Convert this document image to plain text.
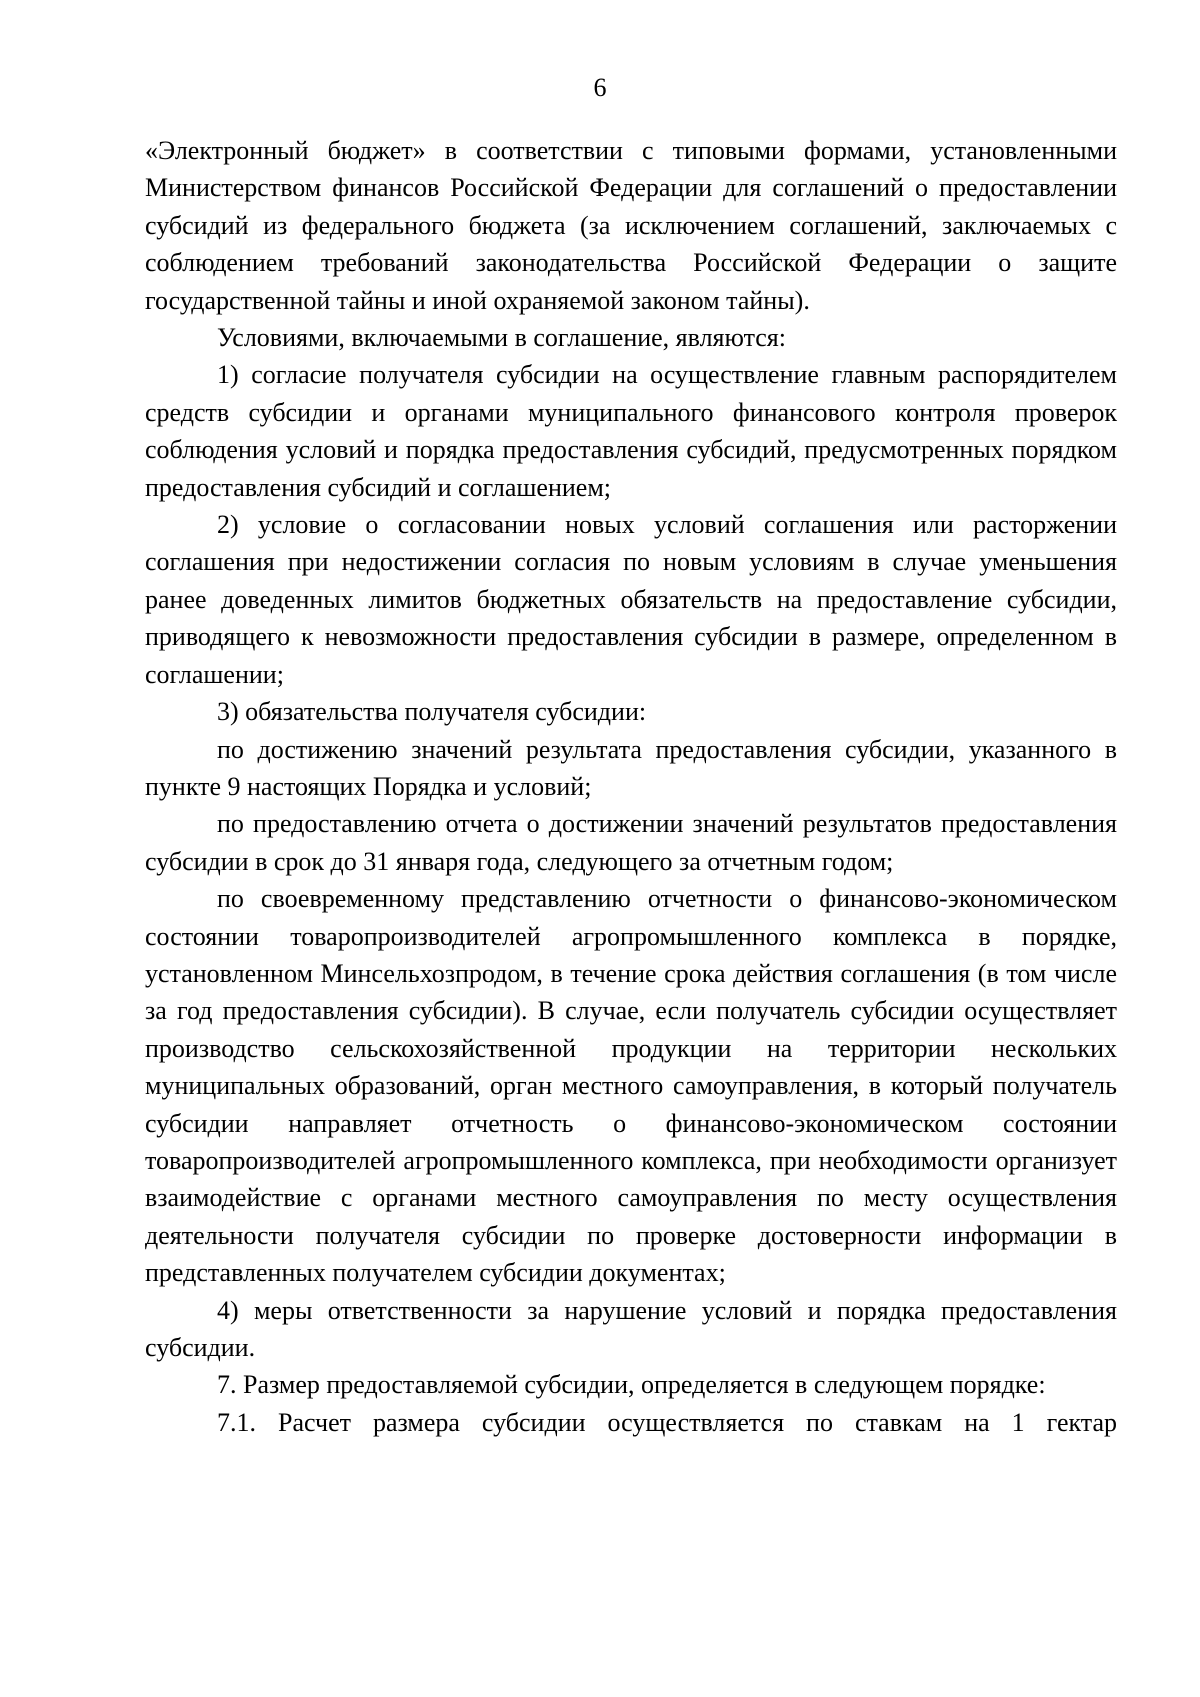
6

«Электронный бюджет» в соответствии с типовыми формами, установленными Министерством финансов Российской Федерации для соглашений о предоставлении субсидий из федерального бюджета (за исключением соглашений, заключаемых с соблюдением требований законодательства Российской Федерации о защите государственной тайны и иной охраняемой законом тайны).

Условиями, включаемыми в соглашение, являются:

1) согласие получателя субсидии на осуществление главным распорядителем средств субсидии и органами муниципального финансового контроля проверок соблюдения условий и порядка предоставления субсидий, предусмотренных порядком предоставления субсидий и соглашением;

2) условие о согласовании новых условий соглашения или расторжении соглашения при недостижении согласия по новым условиям в случае уменьшения ранее доведенных лимитов бюджетных обязательств на предоставление субсидии, приводящего к невозможности предоставления субсидии в размере, определенном в соглашении;

3) обязательства получателя субсидии:

по достижению значений результата предоставления субсидии, указанного в пункте 9 настоящих Порядка и условий;

по предоставлению отчета о достижении значений результатов предоставления субсидии в срок до 31 января года, следующего за отчетным годом;

по своевременному представлению отчетности о финансово-экономическом состоянии товаропроизводителей агропромышленного комплекса в порядке, установленном Минсельхозпродом, в течение срока действия соглашения (в том числе за год предоставления субсидии). В случае, если получатель субсидии осуществляет производство сельскохозяйственной продукции на территории нескольких муниципальных образований, орган местного самоуправления, в который получатель субсидии направляет отчетность о финансово-экономическом состоянии товаропроизводителей агропромышленного комплекса, при необходимости организует взаимодействие с органами местного самоуправления по месту осуществления деятельности получателя субсидии по проверке достоверности информации в представленных получателем субсидии документах;

4) меры ответственности за нарушение условий и порядка предоставления субсидии.

7. Размер предоставляемой субсидии, определяется в следующем порядке:

7.1. Расчет размера субсидии осуществляется по ставкам на 1 гектар
